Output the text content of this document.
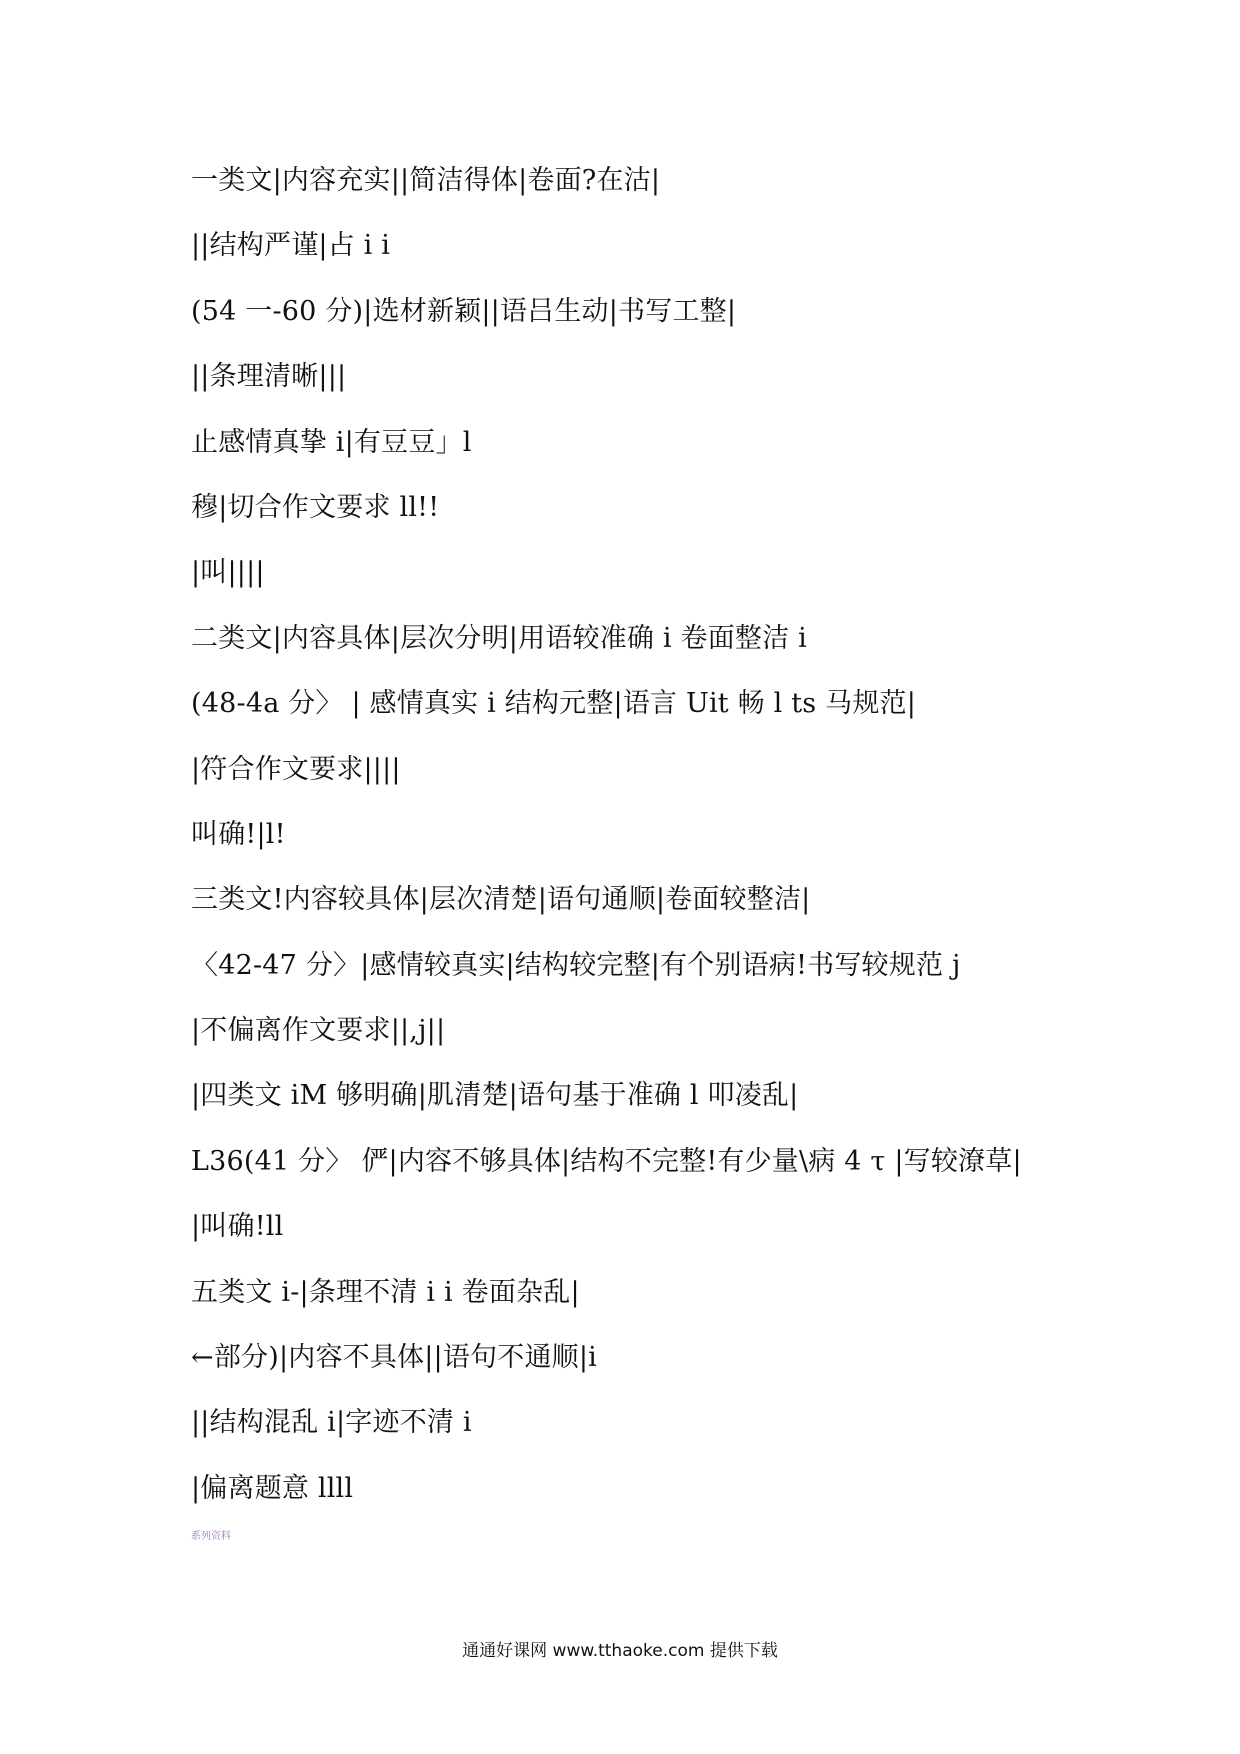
一类文|内容充实||简洁得体|卷面?在沽|
||结构严谨|占 i i
(54 一-60 分)|选材新颖||语吕生动|书写工整|
||条理清晰|||
止感情真挚 i|有豆豆」l
穆|切合作文要求 ll!!
|叫||||
二类文|内容具体|层次分明|用语较准确 i 卷面整洁 i
(48-4a 分〉 | 感情真实 i 结构元整|语言 Uit 畅 l ts 马规范|
|符合作文要求||||
叫确!|l!
三类文!内容较具体|层次清楚|语句通顺|卷面较整洁|
〈42-47 分〉|感情较真实|结构较完整|有个别语病!书写较规范 j
|不偏离作文要求||,j||
|四类文 iM 够明确|肌清楚|语句基于准确 l 叩凌乱|
L36(41 分〉 俨|内容不够具体|结构不完整!有少量\病 4 τ |写较潦草|
|叫确!ll
五类文 i-|条理不清 i i 卷面杂乱|
←部分)|内容不具体||语句不通顺|i
||结构混乱 i|字迹不清 i
|偏离题意 llll
系列资料
通通好课网 www.tthaoke.com 提供下载
